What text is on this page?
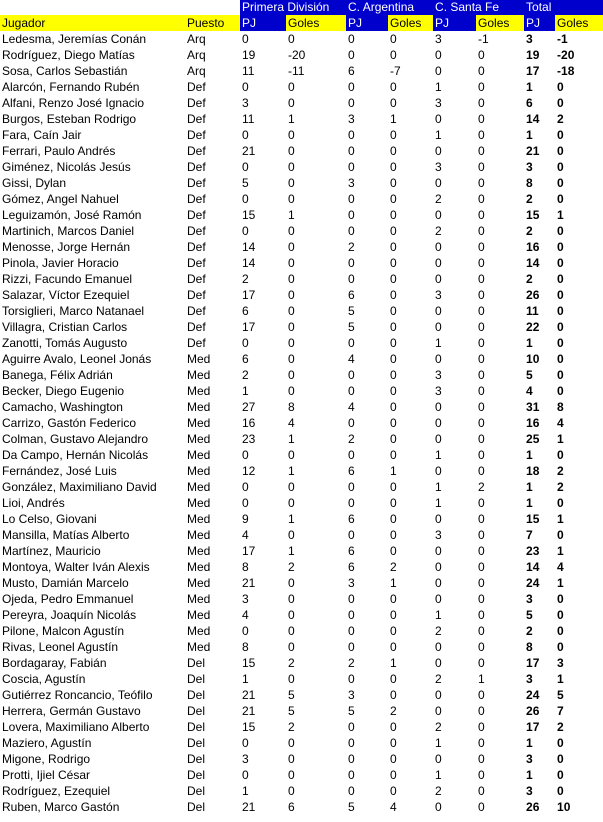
		Primera División		C. Argentina		C. Santa Fe		Total	
Jugador	Puesto	PJ	Goles	PJ	Goles	PJ	Goles	PJ	Goles
Ledesma, Jeremías Conán	Arq	0	0	0	0	3	-1	3	-1
Rodríguez, Diego Matías	Arq	19	-20	0	0	0	0	19	-20
Sosa, Carlos Sebastián	Arq	11	-11	6	-7	0	0	17	-18
Alarcón, Fernando Rubén	Def	0	0	0	0	1	0	1	0
Alfani, Renzo José Ignacio	Def	3	0	0	0	3	0	6	0
Burgos, Esteban Rodrigo	Def	11	1	3	1	0	0	14	2
Fara, Caín Jair	Def	0	0	0	0	1	0	1	0
Ferrari, Paulo Andrés	Def	21	0	0	0	0	0	21	0
Giménez, Nicolás Jesús	Def	0	0	0	0	3	0	3	0
Gissi, Dylan	Def	5	0	3	0	0	0	8	0
Gómez, Angel Nahuel	Def	0	0	0	0	2	0	2	0
Leguizamón, José Ramón	Def	15	1	0	0	0	0	15	1
Martinich, Marcos Daniel	Def	0	0	0	0	2	0	2	0
Menosse, Jorge Hernán	Def	14	0	2	0	0	0	16	0
Pinola, Javier Horacio	Def	14	0	0	0	0	0	14	0
Rizzi, Facundo Emanuel	Def	2	0	0	0	0	0	2	0
Salazar, Víctor Ezequiel	Def	17	0	6	0	3	0	26	0
Torsiglieri, Marco Natanael	Def	6	0	5	0	0	0	11	0
Villagra, Cristian Carlos	Def	17	0	5	0	0	0	22	0
Zanotti, Tomás Augusto	Def	0	0	0	0	1	0	1	0
Aguirre Avalo, Leonel Jonás	Med	6	0	4	0	0	0	10	0
Banega, Félix Adrián	Med	2	0	0	0	3	0	5	0
Becker, Diego Eugenio	Med	1	0	0	0	3	0	4	0
Camacho, Washington	Med	27	8	4	0	0	0	31	8
Carrizo, Gastón Federico	Med	16	4	0	0	0	0	16	4
Colman, Gustavo Alejandro	Med	23	1	2	0	0	0	25	1
Da Campo, Hernán Nicolás	Med	0	0	0	0	1	0	1	0
Fernández, José Luis	Med	12	1	6	1	0	0	18	2
González, Maximiliano David	Med	0	0	0	0	1	2	1	2
Lioi, Andrés	Med	0	0	0	0	1	0	1	0
Lo Celso, Giovani	Med	9	1	6	0	0	0	15	1
Mansilla, Matías Alberto	Med	4	0	0	0	3	0	7	0
Martínez, Mauricio	Med	17	1	6	0	0	0	23	1
Montoya, Walter Iván Alexis	Med	8	2	6	2	0	0	14	4
Musto, Damián Marcelo	Med	21	0	3	1	0	0	24	1
Ojeda, Pedro Emmanuel	Med	3	0	0	0	0	0	3	0
Pereyra, Joaquín Nicolás	Med	4	0	0	0	1	0	5	0
Pilone, Malcon Agustín	Med	0	0	0	0	2	0	2	0
Rivas, Leonel Agustín	Med	8	0	0	0	0	0	8	0
Bordagaray, Fabián	Del	15	2	2	1	0	0	17	3
Coscia, Agustín	Del	1	0	0	0	2	1	3	1
Gutiérrez Roncancio, Teófilo	Del	21	5	3	0	0	0	24	5
Herrera, Germán Gustavo	Del	21	5	5	2	0	0	26	7
Lovera, Maximiliano Alberto	Del	15	2	0	0	2	0	17	2
Maziero, Agustín	Del	0	0	0	0	1	0	1	0
Migone, Rodrigo	Del	3	0	0	0	0	0	3	0
Protti, Ijiel César	Del	0	0	0	0	1	0	1	0
Rodríguez, Ezequiel	Del	1	0	0	0	2	0	3	0
Ruben, Marco Gastón	Del	21	6	5	4	0	0	26	10
